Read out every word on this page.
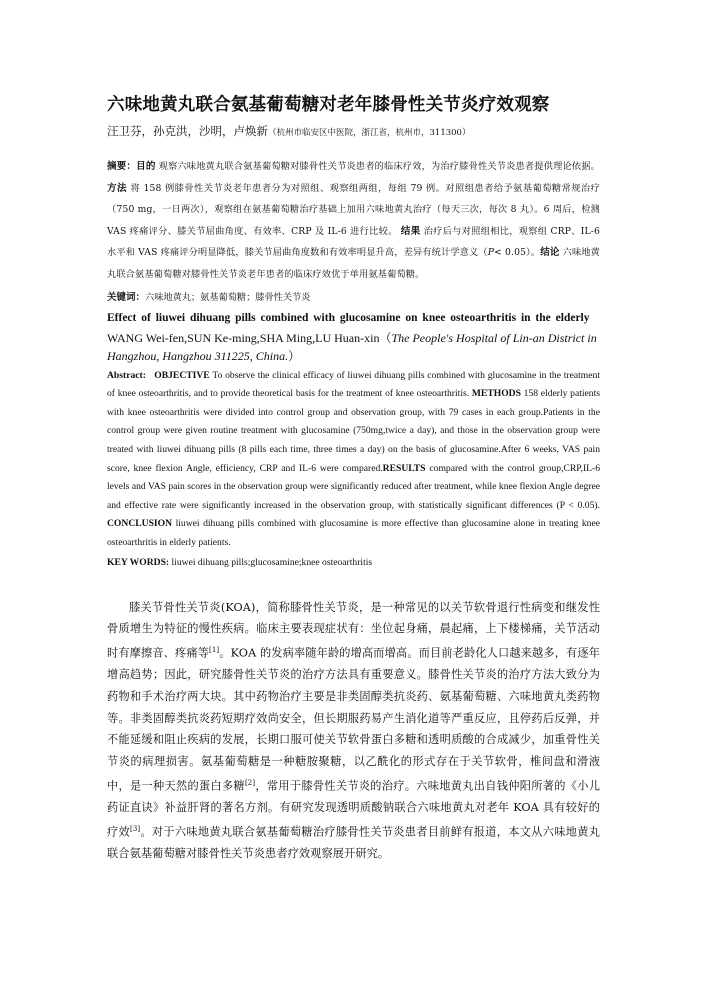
六味地黄丸联合氨基葡萄糖对老年膝骨性关节炎疗效观察
汪卫芬，孙克洪，沙明，卢焕新（杭州市临安区中医院，浙江省，杭州市，311300）
摘要：目的 观察六味地黄丸联合氨基葡萄糖对膝骨性关节炎患者的临床疗效，为治疗膝骨性关节炎患者提供理论依据。方法 将 158 例膝骨性关节炎老年患者分为对照组、观察组两组，每组 79 例。对照组患者给予氨基葡萄糖常规治疗（750 mg，一日两次），观察组在氨基葡萄糖治疗基础上加用六味地黄丸治疗（每天三次，每次 8 丸）。6 周后，检测 VAS 疼痛评分、膝关节屈曲角度、有效率、CRP 及 IL-6 进行比较。 结果 治疗后与对照组相比，观察组 CRP、IL-6 水平和 VAS 疼痛评分明显降低，膝关节屈曲角度数和有效率明显升高，差异有统计学意义（P< 0.05）。结论 六味地黄丸联合氨基葡萄糖对膝骨性关节炎老年患者的临床疗效优于单用氨基葡萄糖。
关键词：六味地黄丸；氨基葡萄糖；膝骨性关节炎
Effect of liuwei dihuang pills combined with glucosamine on knee osteoarthritis in the elderly
WANG Wei-fen,SUN Ke-ming,SHA Ming,LU Huan-xin（The People's Hospital of Lin-an District in Hangzhou, Hangzhou 311225, China.）
Abstract: OBJECTIVE To observe the clinical efficacy of liuwei dihuang pills combined with glucosamine in the treatment of knee osteoarthritis, and to provide theoretical basis for the treatment of knee osteoarthritis. METHODS 158 elderly patients with knee osteoarthritis were divided into control group and observation group, with 79 cases in each group.Patients in the control group were given routine treatment with glucosamine (750mg,twice a day), and those in the observation group were treated with liuwei dihuang pills (8 pills each time, three times a day) on the basis of glucosamine.After 6 weeks, VAS pain score, knee flexion Angle, efficiency, CRP and IL-6 were compared.RESULTS compared with the control group,CRP,IL-6 levels and VAS pain scores in the observation group were significantly reduced after treatment, while knee flexion Angle degree and effective rate were significantly increased in the observation group, with statistically significant differences (P < 0.05). CONCLUSION liuwei dihuang pills combined with glucosamine is more effective than glucosamine alone in treating knee osteoarthritis in elderly patients.
KEY WORDS: liuwei dihuang pills;glucosamine;knee osteoarthritis
膝关节骨性关节炎(KOA)，简称膝骨性关节炎，是一种常见的以关节软骨退行性病变和继发性骨质增生为特征的慢性疾病。临床主要表现症状有：坐位起身痛，晨起痛，上下楼梯痛，关节活动时有摩擦音、疼痛等[1]。KOA 的发病率随年龄的增高而增高。而目前老龄化人口越来越多，有逐年增高趋势；因此，研究膝骨性关节炎的治疗方法具有重要意义。膝骨性关节炎的治疗方法大致分为药物和手术治疗两大块。其中药物治疗主要是非类固醇类抗炎药、氨基葡萄糖、六味地黄丸类药物等。非类固醇类抗炎药短期疗效尚安全，但长期服药易产生消化道等严重反应，且停药后反弹，并不能延缓和阻止疾病的发展，长期口服可使关节软骨蛋白多糖和透明质酸的合成减少，加重骨性关节炎的病理损害。氨基葡萄糖是一种糖胺聚糖，以乙酰化的形式存在于关节软骨，椎间盘和滑液中，是一种天然的蛋白多糖[2]，常用于膝骨性关节炎的治疗。六味地黄丸出自钱仲阳所著的《小儿药证直诀》补益肝肾的著名方剂。有研究发现透明质酸钠联合六味地黄丸对老年 KOA 具有较好的疗效[3]。对于六味地黄丸联合氨基葡萄糖治疗膝骨性关节炎患者目前鲜有报道，本文从六味地黄丸联合氨基葡萄糖对膝骨性关节炎患者疗效观察展开研究。
